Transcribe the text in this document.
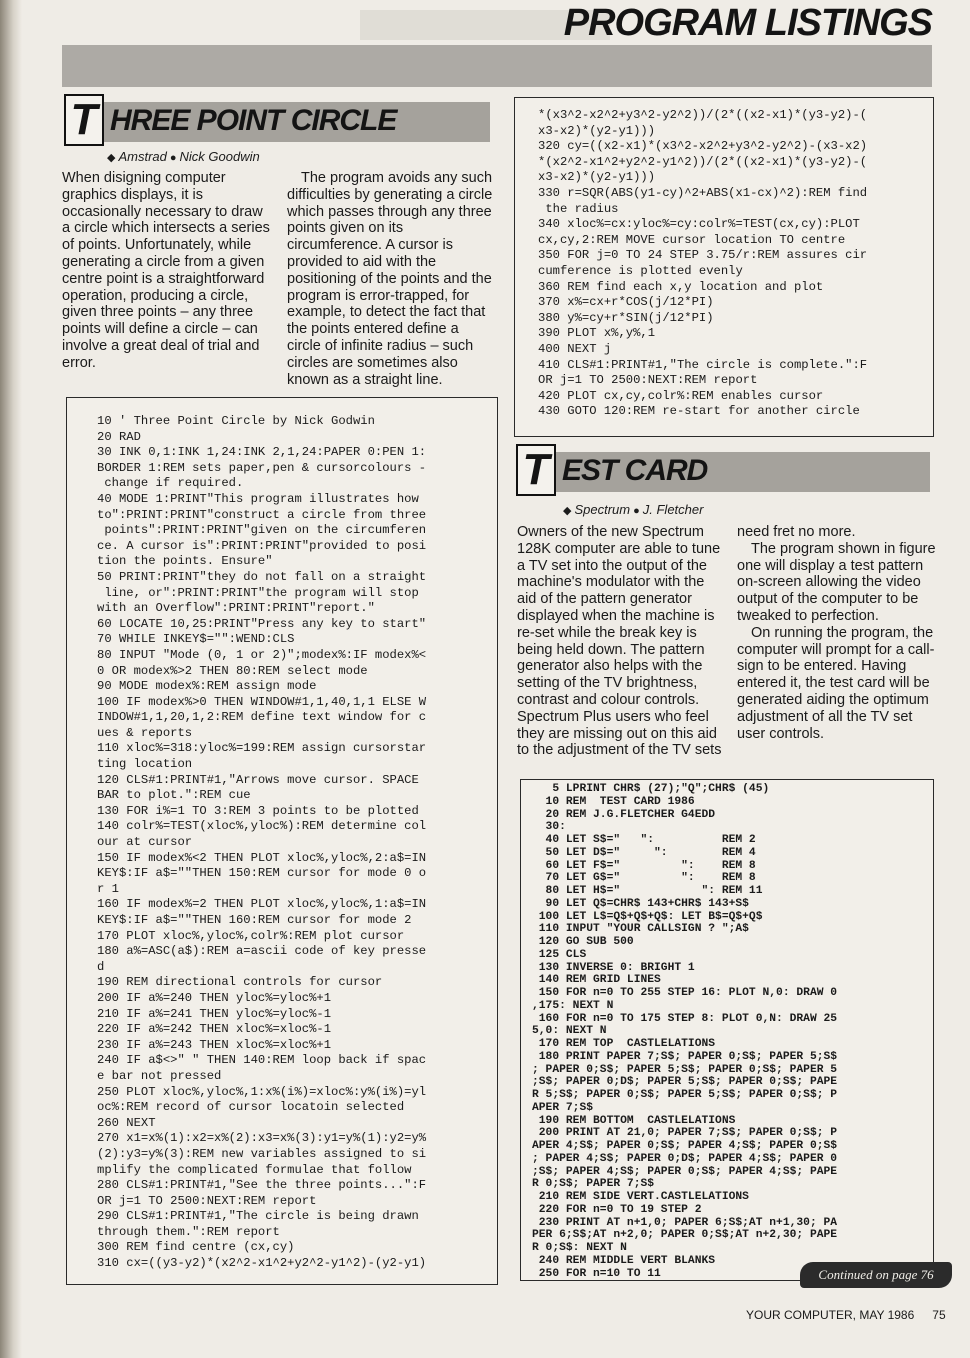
PROGRAM LISTINGS
T HREE POINT CIRCLE
◆ Amstrad ● Nick Goodwin

When disigning computer graphics displays, it is occasionally necessary to draw a circle which intersects a series of points. Unfortunately, while generating a circle from a given centre point is a straightforward operation, producing a circle, given three points – any three points will define a circle – can involve a great deal of trial and error.

The program avoids any such difficulties by generating a circle which passes through any three points given on its circumference. A cursor is provided to aid with the positioning of the points and the program is error-trapped, for example, to detect the fact that the points entered define a circle of infinite radius – such circles are sometimes also known as a straight line.

10 ' Three Point Circle by Nick Godwin
20 RAD
30 INK 0,1:INK 1,24:INK 2,1,24:PAPER 0:PEN 1:
BORDER 1:REM sets paper,pen & cursorcolours -
change if required.
40 MODE 1:PRINT"This program illustrates how
to":PRINT:PRINT"construct a circle from three
points":PRINT:PRINT"given on the circumferen
ce. A cursor is":PRINT:PRINT"provided to posi
tion the points. Ensure"
50 PRINT:PRINT"they do not fall on a straight
line, or":PRINT:PRINT"the program will stop
with an Overflow":PRINT:PRINT"report."
60 LOCATE 10,25:PRINT"Press any key to start"
70 WHILE INKEY$="":WEND:CLS
80 INPUT "Mode (0, 1 or 2)";modex%:IF modex%<
0 OR modex%>2 THEN 80:REM select mode
90 MODE modex%:REM assign mode
100 IF modex%>0 THEN WINDOW#1,1,40,1,1 ELSE W
INDOW#1,1,20,1,2:REM define text window for c
ues & reports
110 xloc%=318:yloc%=199:REM assign cursorstar
ting location
120 CLS#1:PRINT#1,"Arrows move cursor. SPACE
BAR to plot.":REM cue
130 FOR i%=1 TO 3:REM 3 points to be plotted
140 colr%=TEST(xloc%,yloc%):REM determine col
our at cursor
150 IF modex%<2 THEN PLOT xloc%,yloc%,2:a$=IN
KEY$:IF a$=""THEN 150:REM cursor for mode 0 o
r 1
160 IF modex%=2 THEN PLOT xloc%,yloc%,1:a$=IN
KEY$:IF a$=""THEN 160:REM cursor for mode 2
170 PLOT xloc%,yloc%,colr%:REM plot cursor
180 a%=ASC(a$):REM a=ascii code of key presse
d
190 REM directional controls for cursor
200 IF a%=240 THEN yloc%=yloc%+1
210 IF a%=241 THEN yloc%=yloc%-1
220 IF a%=242 THEN xloc%=xloc%-1
230 IF a%=243 THEN xloc%=xloc%+1
240 IF a$<>" " THEN 140:REM loop back if spac
e bar not pressed
250 PLOT xloc%,yloc%,1:x%(i%)=xloc%:y%(i%)=yl
oc%:REM record of cursor locatoin selected
260 NEXT
270 x1=x%(1):x2=x%(2):x3=x%(3):y1=y%(1):y2=y%
(2):y3=y%(3):REM new variables assigned to si
mplify the complicated formulae that follow
280 CLS#1:PRINT#1,"See the three points...":F
OR j=1 TO 2500:NEXT:REM report
290 CLS#1:PRINT#1,"The circle is being drawn
through them.":REM report
300 REM find centre (cx,cy)
310 cx=((y3-y2)*(x2^2-x1^2+y2^2-y1^2)-(y2-y1)
*(x3^2-x2^2+y3^2-y2^2))/(2*((x2-x1)*(y3-y2)-(
x3-x2)*(y2-y1)))
320 cy=((x2-x1)*(x3^2-x2^2+y3^2-y2^2)-(x3-x2)
*(x2^2-x1^2+y2^2-y1^2))/(2*((x2-x1)*(y3-y2)-(
x3-x2)*(y2-y1)))
330 r=SQR(ABS(y1-cy)^2+ABS(x1-cx)^2):REM find
the radius
340 xloc%=cx:yloc%=cy:colr%=TEST(cx,cy):PLOT
cx,cy,2:REM MOVE cursor location TO centre
350 FOR j=0 TO 24 STEP 3.75/r:REM assures cir
cumference is plotted evenly
360 REM find each x,y location and plot
370 x%=cx+r*COS(j/12*PI)
380 y%=cy+r*SIN(j/12*PI)
390 PLOT x%,y%,1
400 NEXT j
410 CLS#1:PRINT#1,"The circle is complete.":F
OR j=1 TO 2500:NEXT:REM report
420 PLOT cx,cy,colr%:REM enables cursor
430 GOTO 120:REM re-start for another circle
T EST CARD
◆ Spectrum ● J. Fletcher

Owners of the new Spectrum 128K computer are able to tune a TV set into the output of the machine's modulator with the aid of the pattern generator displayed when the machine is re-set while the break key is being held down. The pattern generator also helps with the setting of the TV brightness, contrast and colour controls. Spectrum Plus users who feel they are missing out on this aid to the adjustment of the TV sets

need fret no more.

The program shown in figure one will display a test pattern on-screen allowing the video output of the computer to be tweaked to perfection.

On running the program, the computer will prompt for a call-sign to be entered. Having entered it, the test card will be generated aiding the optimum adjustment of all the TV set user controls.

5 LPRINT CHR$ (27);"Q";CHR$ (45)
10 REM  TEST CARD 1986
20 REM J.G.FLETCHER G4EDD
30:
40 LET S$="   ":          REM 2
50 LET D$="     ":        REM 4
60 LET F$="         ":    REM 8
70 LET G$="         ":    REM 8
80 LET H$="            ": REM 11
90 LET Q$=CHR$ 143+CHR$ 143+S$
100 LET L$=Q$+Q$+Q$: LET B$=Q$+Q$
110 INPUT "YOUR CALLSIGN ? ";A$
120 GO SUB 500
125 CLS
130 INVERSE 0: BRIGHT 1
140 REM GRID LINES
150 FOR n=0 TO 255 STEP 16: PLOT N,0: DRAW 0
,175: NEXT N
160 FOR n=0 TO 175 STEP 8: PLOT 0,N: DRAW 25
5,0: NEXT N
170 REM TOP  CASTLELATIONS
180 PRINT PAPER 7;S$; PAPER 0;S$; PAPER 5;S$
; PAPER 0;S$; PAPER 5;S$; PAPER 0;S$; PAPER 5
;S$; PAPER 0;D$; PAPER 5;S$; PAPER 0;S$; PAPE
R 5;S$; PAPER 0;S$; PAPER 5;S$; PAPER 0;S$; P
APER 7;S$
190 REM BOTTOM  CASTLELATIONS
200 PRINT AT 21,0; PAPER 7;S$; PAPER 0;S$; P
APER 4;S$; PAPER 0;S$; PAPER 4;S$; PAPER 0;S$
; PAPER 4;S$; PAPER 0;D$; PAPER 4;S$; PAPER 0
;S$; PAPER 4;S$; PAPER 0;S$; PAPER 4;S$; PAPE
R 0;S$; PAPER 7;S$
210 REM SIDE VERT.CASTLELATIONS
220 FOR n=0 TO 19 STEP 2
230 PRINT AT n+1,0; PAPER 6;S$;AT n+1,30; PA
PER 6;S$;AT n+2,0; PAPER 0;S$;AT n+2,30; PAPE
R 0;S$: NEXT N
240 REM MIDDLE VERT BLANKS
250 FOR n=10 TO 11	Continued on page 76
YOUR COMPUTER, MAY 1986 75
